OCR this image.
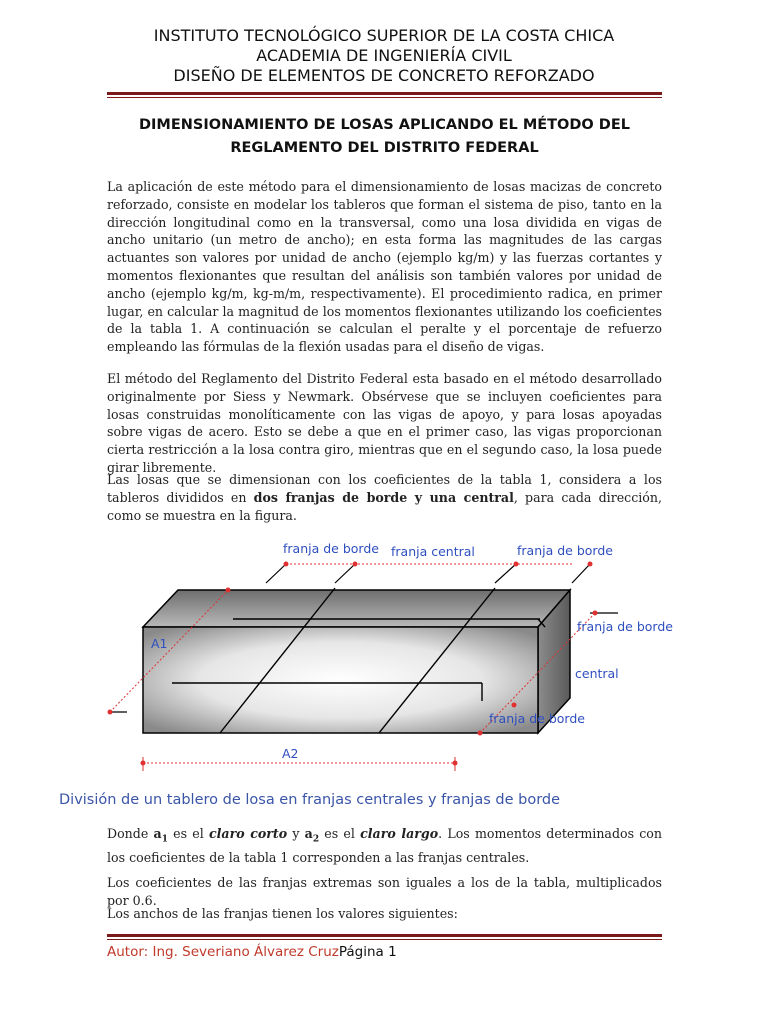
INSTITUTO TECNOLÓGICO SUPERIOR DE LA COSTA CHICA
ACADEMIA DE INGENIERÍA CIVIL
DISEÑO DE ELEMENTOS DE CONCRETO REFORZADO
DIMENSIONAMIENTO DE LOSAS APLICANDO EL MÉTODO DEL
REGLAMENTO DEL DISTRITO FEDERAL

La aplicación de este método para el dimensionamiento de losas macizas de concreto reforzado, consiste en modelar los tableros que forman el sistema de piso, tanto en la dirección longitudinal como en la transversal, como una losa dividida en vigas de ancho unitario (un metro de ancho); en esta forma las magnitudes de las cargas actuantes son valores por unidad de ancho (ejemplo kg/m) y las fuerzas cortantes y momentos flexionantes que resultan del análisis son también valores por unidad de ancho (ejemplo kg/m, kg-m/m, respectivamente). El procedimiento radica, en primer lugar, en calcular la magnitud de los momentos flexionantes utilizando los coeficientes de la tabla 1. A continuación se calculan el peralte y el porcentaje de refuerzo empleando las fórmulas de la flexión usadas para el diseño de vigas.

El método del Reglamento del Distrito Federal esta basado en el método desarrollado originalmente por Siess y Newmark. Obsérvese que se incluyen coeficientes para losas construidas monolíticamente con las vigas de apoyo, y para losas apoyadas sobre vigas de acero. Esto se debe a que en el primer caso, las vigas proporcionan cierta restricción a la losa contra giro, mientras que en el segundo caso, la losa puede girar libremente.

Las losas que se dimensionan con los coeficientes de la tabla 1, considera a los tableros divididos en dos franjas de borde y una central, para cada dirección, como se muestra en la figura.

franja de borde franja central	franja de borde
franja de borde
central
franja de borde
A1
A2
División de un tablero de losa en franjas centrales y franjas de borde

Donde $a_1$ es el claro corto y $a_2$ es el claro largo. Los momentos determinados con los coeficientes de la tabla 1 corresponden a las franjas centrales.

Los coeficientes de las franjas extremas son iguales a los de la tabla, multiplicados por 0.6.

Los anchos de las franjas tienen los valores siguientes:

Autor: Ing. Severiano Álvarez CruzPágina 1
